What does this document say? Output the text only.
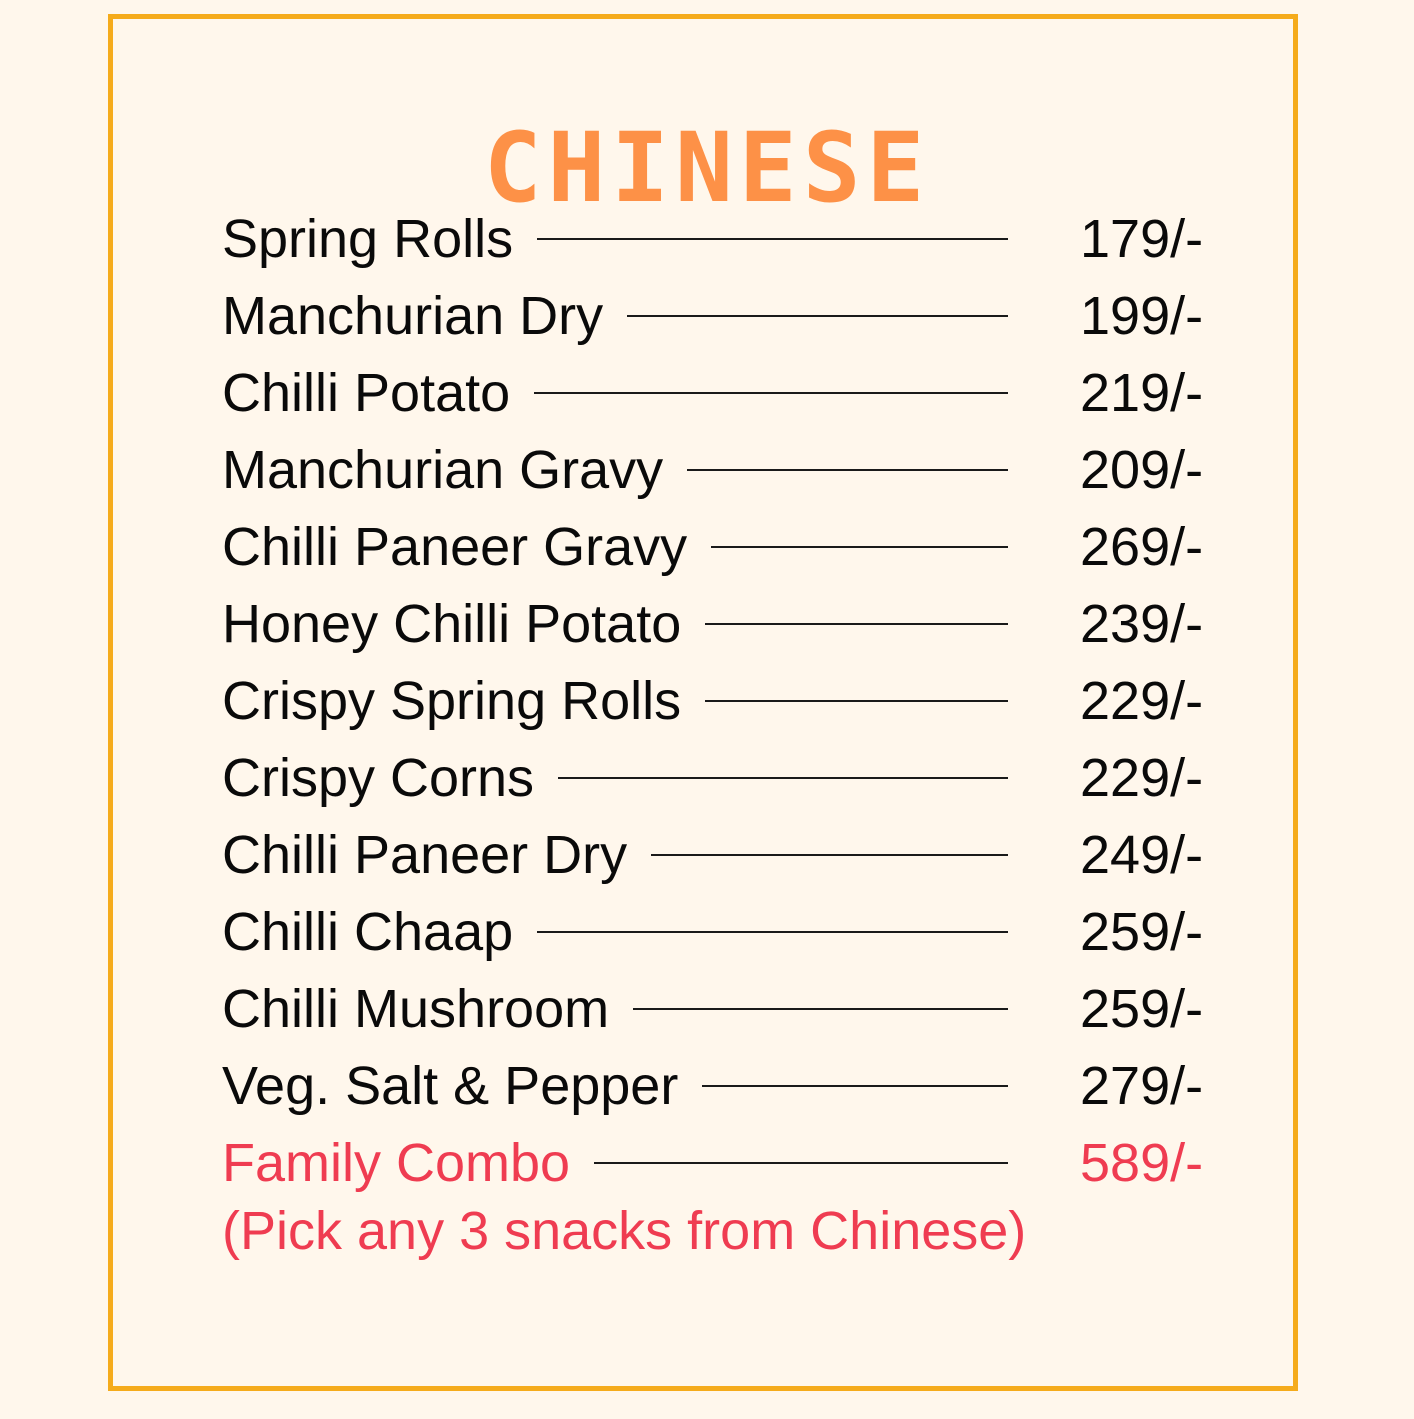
CHINESE
Spring Rolls	179/-
Manchurian Dry	199/-
Chilli Potato	219/-
Manchurian Gravy	209/-
Chilli Paneer Gravy	269/-
Honey Chilli Potato	239/-
Crispy Spring Rolls	229/-
Crispy Corns	229/-
Chilli Paneer Dry	249/-
Chilli Chaap	259/-
Chilli Mushroom	259/-
Veg. Salt & Pepper	279/-
Family Combo	589/-
(Pick any 3 snacks from Chinese)
